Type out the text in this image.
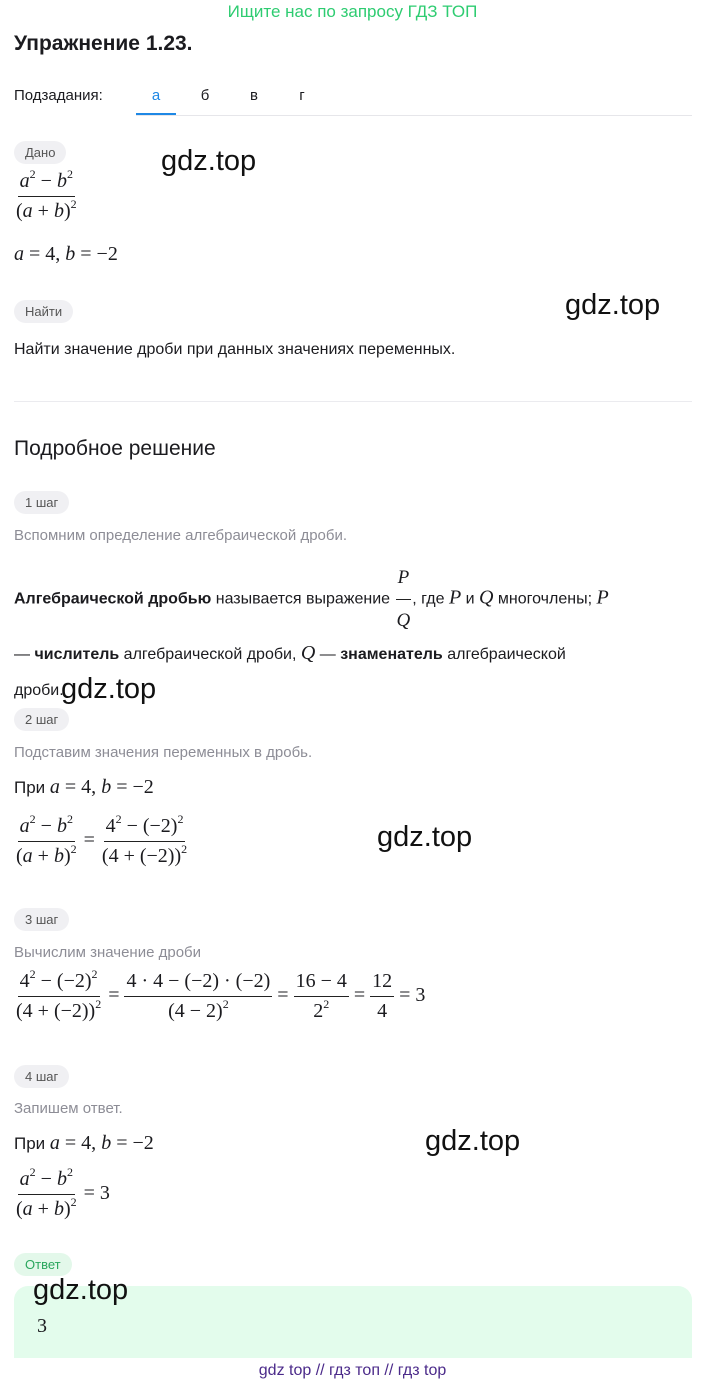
Ищите нас по запросу ГДЗ ТОП
Упражнение 1.23.
Подзадания:	а	б	в	г
Дано	gdz.top
$\frac{a^2 - b^2}{(a + b)^2}$
a = 4, b = −2
Найти	gdz.top
Найти значение дроби при данных значениях переменных.
Подробное решение
1 шаг
Вспомним определение алгебраической дроби.
Алгебраической дробью называется выражение $\frac{P}{Q}$ , где P и Q многочлены; P
— числитель алгебраической дроби, Q — знаменатель алгебраической
дроби.
gdz.top
2 шаг
Подставим значения переменных в дробь.
При a = 4, b = −2
$\frac{a^2 - b^2}{(a + b)^2} = \frac{4^2 - (-2)^2}{(4 + (-2))^2}$	gdz.top
3 шаг
Вычислим значение дроби
$\frac{4^2 - (-2)^2}{(4 + (-2))^2} = \frac{4 \cdot 4 - (-2) \cdot (-2)}{(4 - 2)^2} = \frac{16 - 4}{2^2} = \frac{12}{4} = 3$
4 шаг
Запишем ответ.
При a = 4, b = −2	gdz.top
$\frac{a^2 - b^2}{(a + b)^2} = 3$
Ответ
gdz.top
3
gdz top // гдз топ // гдз top
